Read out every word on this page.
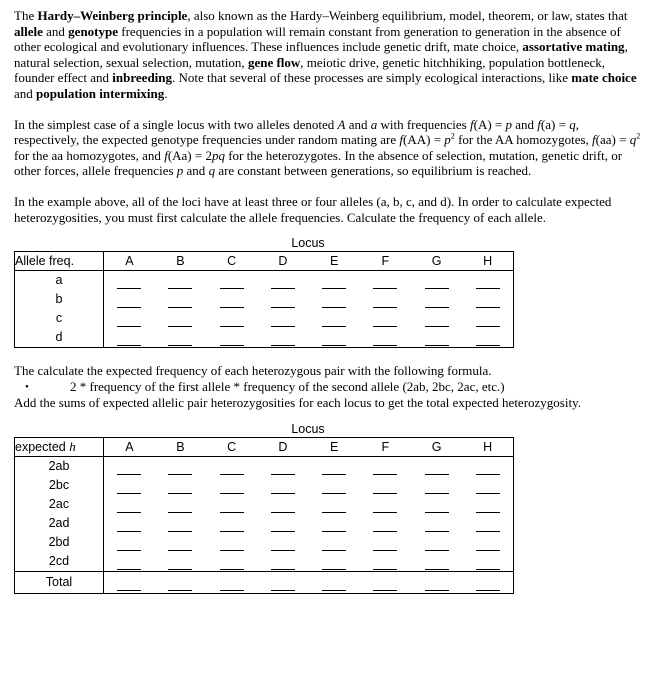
The Hardy–Weinberg principle, also known as the Hardy–Weinberg equilibrium, model, theorem, or law, states that allele and genotype frequencies in a population will remain constant from generation to generation in the absence of other ecological and evolutionary influences. These influences include genetic drift, mate choice, assortative mating, natural selection, sexual selection, mutation, gene flow, meiotic drive, genetic hitchhiking, population bottleneck, founder effect and inbreeding. Note that several of these processes are simply ecological interactions, like mate choice and population intermixing.

In the simplest case of a single locus with two alleles denoted A and a with frequencies f(A) = p and f(a) = q, respectively, the expected genotype frequencies under random mating are $f(AA) = p^2$ for the AA homozygotes, $f(aa) = q^2$ for the aa homozygotes, and f(Aa) = 2pq for the heterozygotes. In the absence of selection, mutation, genetic drift, or other forces, allele frequencies p and q are constant between generations, so equilibrium is reached.

In the example above, all of the loci have at least three or four alleles (a, b, c, and d). In order to calculate expected heterozygosities, you must first calculate the allele frequencies. Calculate the frequency of each allele.

Locus
Allele freq.	A	B	C	D	E	F	G	H
a	

b	

c	

d	

The calculate the expected frequency of each heterozygous pair with the following formula.

•	2 * frequency of the first allele * frequency of the second allele (2ab, 2bc, 2ac, etc.)

Add the sums of expected allelic pair heterozygosities for each locus to get the total expected heterozygosity.

Locus
expected h	A	B	C	D	E	F	G	H
2ab	

2bc	

2ac	

2ad	

2bd	

2cd	

Total	
